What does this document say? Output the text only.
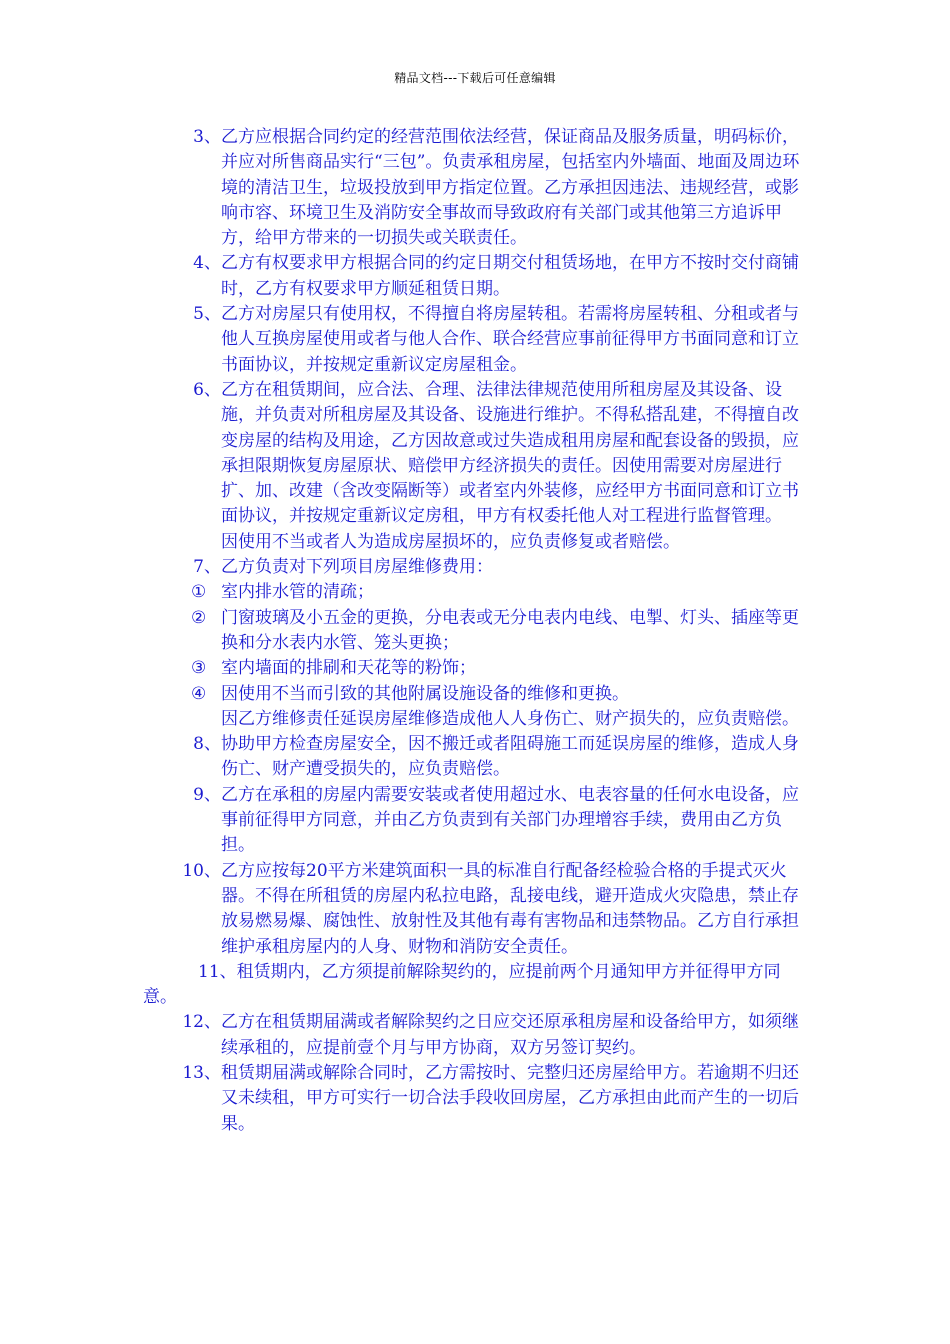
精品文档---下载后可任意编辑
3、 乙方应根据合同约定的经营范围依法经营，保证商品及服务质量，明码标价，并应对所售商品实行“三包”。负责承租房屋，包括室内外墙面、地面及周边环境的清洁卫生，垃圾投放到甲方指定位置。乙方承担因违法、违规经营，或影响市容、环境卫生及消防安全事故而导致政府有关部门或其他第三方追诉甲方，给甲方带来的一切损失或关联责任。
4、 乙方有权要求甲方根据合同的约定日期交付租赁场地，在甲方不按时交付商铺时，乙方有权要求甲方顺延租赁日期。
5、 乙方对房屋只有使用权，不得擅自将房屋转租。若需将房屋转租、分租或者与他人互换房屋使用或者与他人合作、联合经营应事前征得甲方书面同意和订立书面协议，并按规定重新议定房屋租金。
6、 乙方在租赁期间，应合法、合理、法律法律规范使用所租房屋及其设备、设施，并负责对所租房屋及其设备、设施进行维护。不得私搭乱建，不得擅自改变房屋的结构及用途，乙方因故意或过失造成租用房屋和配套设备的毁损，应承担限期恢复房屋原状、赔偿甲方经济损失的责任。因使用需要对房屋进行扩、加、改建（含改变隔断等）或者室内外装修，应经甲方书面同意和订立书面协议，并按规定重新议定房租，甲方有权委托他人对工程进行监督管理。
因使用不当或者人为造成房屋损坏的，应负责修复或者赔偿。
7、 乙方负责对下列项目房屋维修费用：
① 室内排水管的清疏；
② 门窗玻璃及小五金的更换，分电表或无分电表内电线、电掣、灯头、插座等更换和分水表内水管、笼头更换；
③ 室内墙面的排刷和天花等的粉饰；
④ 因使用不当而引致的其他附属设施设备的维修和更换。
因乙方维修责任延误房屋维修造成他人人身伤亡、财产损失的，应负责赔偿。
8、 协助甲方检查房屋安全，因不搬迁或者阻碍施工而延误房屋的维修，造成人身伤亡、财产遭受损失的，应负责赔偿。
9、 乙方在承租的房屋内需要安装或者使用超过水、电表容量的任何水电设备，应事前征得甲方同意，并由乙方负责到有关部门办理增容手续，费用由乙方负担。
10、 乙方应按每20平方米建筑面积一具的标准自行配备经检验合格的手提式灭火器。不得在所租赁的房屋内私拉电路，乱接电线，避开造成火灾隐患，禁止存放易燃易爆、腐蚀性、放射性及其他有毒有害物品和违禁物品。乙方自行承担维护承租房屋内的人身、财物和消防安全责任。
11、租赁期内，乙方须提前解除契约的，应提前两个月通知甲方并征得甲方同意。
12、 乙方在租赁期届满或者解除契约之日应交还原承租房屋和设备给甲方，如须继续承租的，应提前壹个月与甲方协商，双方另签订契约。
13、 租赁期届满或解除合同时，乙方需按时、完整归还房屋给甲方。若逾期不归还又未续租，甲方可实行一切合法手段收回房屋，乙方承担由此而产生的一切后果。
